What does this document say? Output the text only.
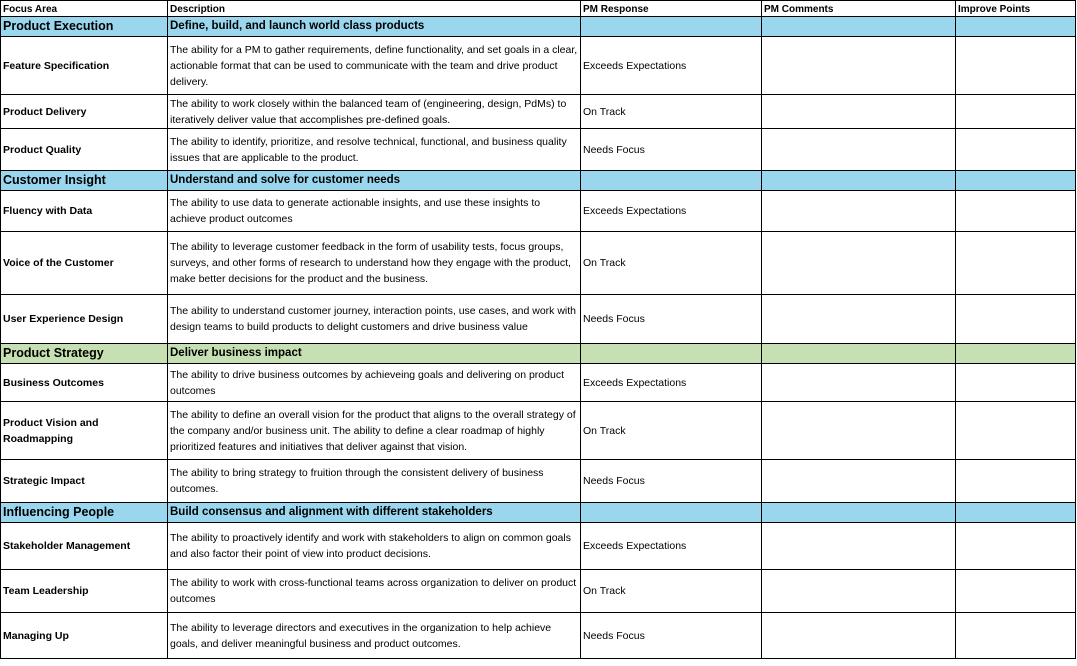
Focus Area	Description	PM Response	PM Comments	Improve Points
Product Execution	Define, build, and launch world class products			
Feature Specification	The ability for a PM to gather requirements, define functionality, and set goals in a clear, actionable format that can be used to communicate with the team and drive product delivery.	Exceeds Expectations		
Product Delivery	The ability to work closely within the balanced team of (engineering, design, PdMs) to iteratively deliver value that accomplishes pre-defined goals.	On Track		
Product Quality	The ability to identify, prioritize, and resolve technical, functional, and business quality issues that are applicable to the product.	Needs Focus		
Customer Insight	Understand and solve for customer needs			
Fluency with Data	The ability to use data to generate actionable insights, and use these insights to achieve product outcomes	Exceeds Expectations		
Voice of the Customer	The ability to leverage customer feedback in the form of usability tests, focus groups, surveys, and other forms of research to understand how they engage with the product, make better decisions for the product and the business.	On Track		
User Experience Design	The ability to understand customer journey, interaction points, use cases, and work with design teams to build products to delight customers and drive business value	Needs Focus		
Product Strategy	Deliver business impact			
Business Outcomes	The ability to drive business outcomes by achieveing goals and delivering on product outcomes	Exceeds Expectations		
Product Vision and Roadmapping	The ability to define an overall vision for the product that aligns to the overall strategy of the company and/or business unit. The ability to define a clear roadmap of highly prioritized features and initiatives that deliver against that vision.	On Track		
Strategic Impact	The ability to bring strategy to fruition through the consistent delivery of business outcomes.	Needs Focus		
Influencing People	Build consensus and alignment with different stakeholders			
Stakeholder Management	The ability to proactively identify and work with stakeholders to align on common goals and also factor their point of view into product decisions.	Exceeds Expectations		
Team Leadership	The ability to work with cross-functional teams across organization to deliver on product outcomes	On Track		
Managing Up	The ability to leverage directors and executives in the organization to help achieve goals, and deliver meaningful business and product outcomes.	Needs Focus		
